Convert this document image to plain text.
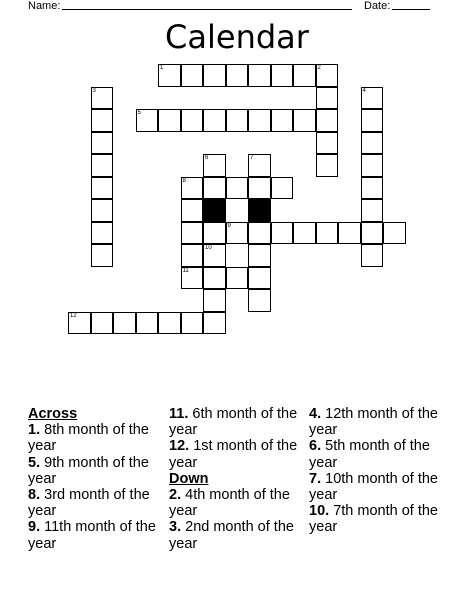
Name:	Date:
Calendar
1
5
8
9
11
12
2
3	4
6
10
7
Across
1. 8th month of the year
5. 9th month of the year
8. 3rd month of the year
9. 11th month of the year
11. 6th month of the year
12. 1st month of the year
Down
2. 4th month of the year
3. 2nd month of the year
4. 12th month of the year
6. 5th month of the year
7. 10th month of the year
10. 7th month of the year
